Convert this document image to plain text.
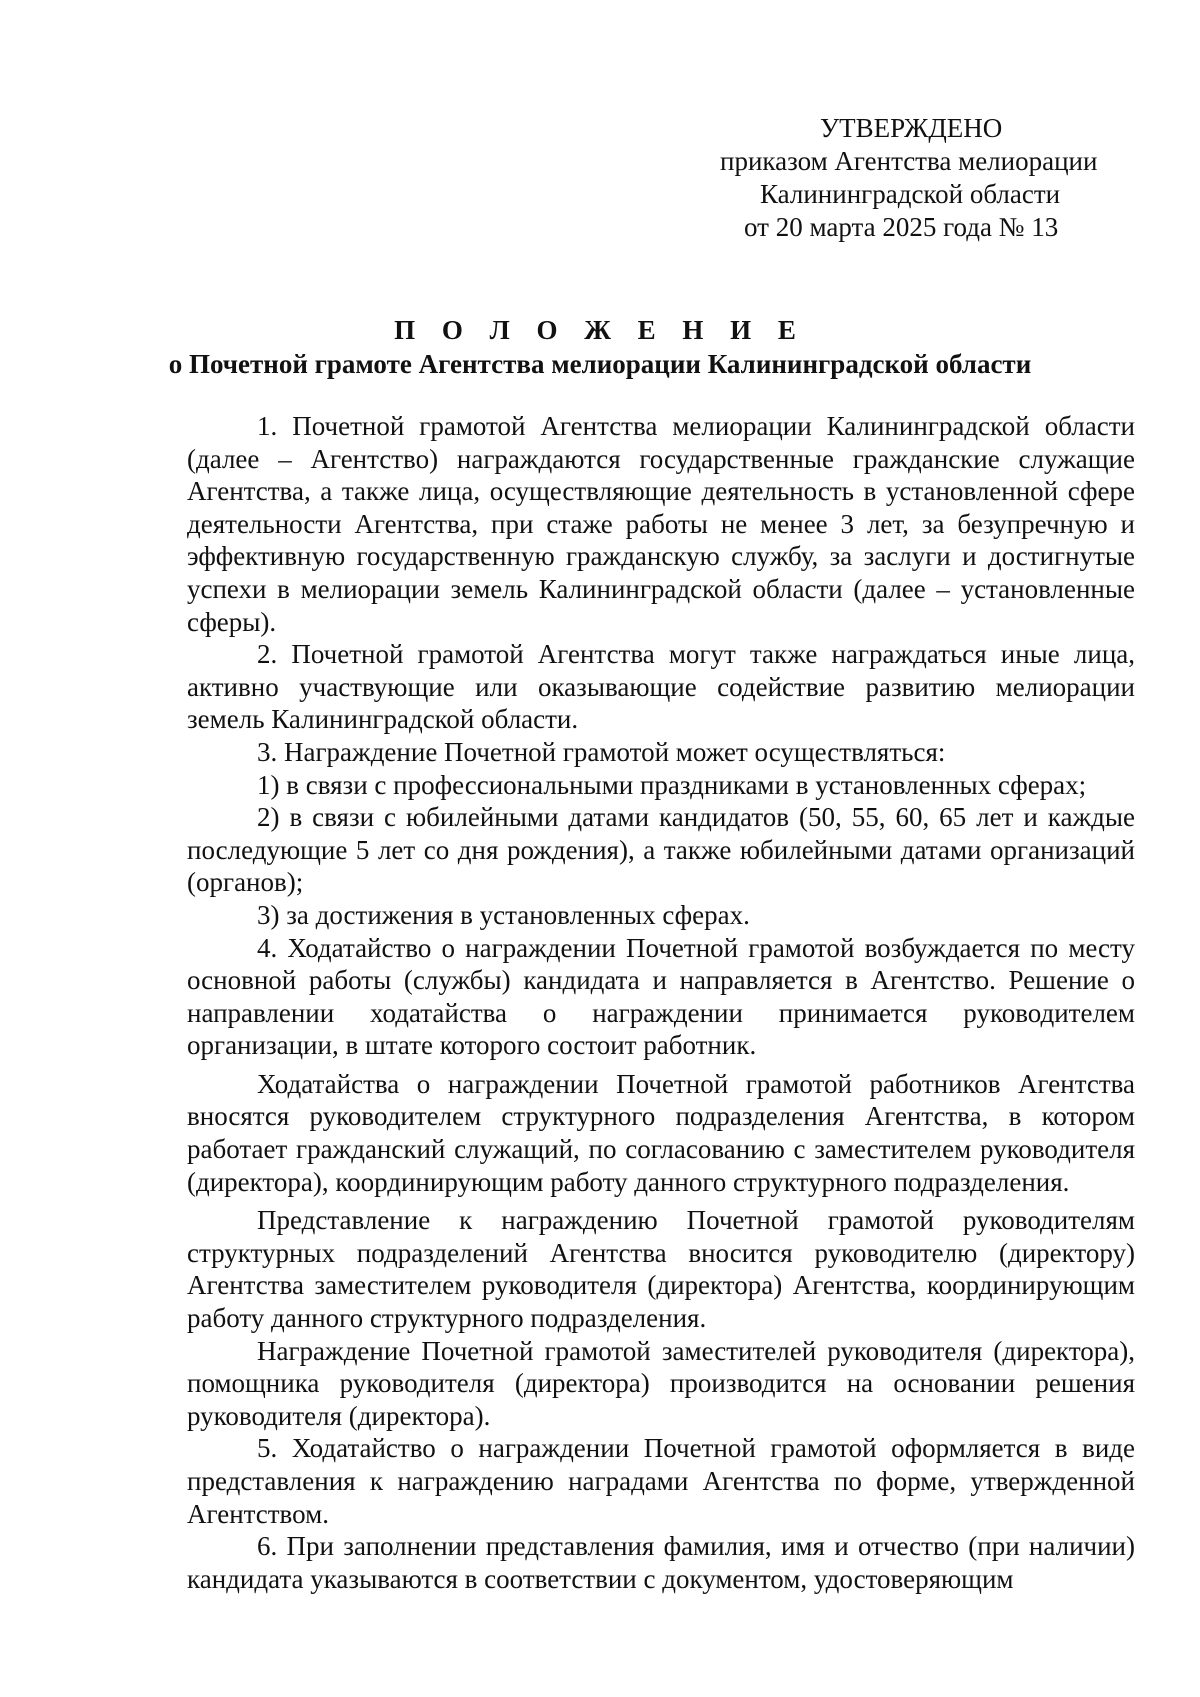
УТВЕРЖДЕНО
приказом Агентства мелиорации
Калининградской области
от 20 марта 2025 года № 13
П О Л О Ж Е Н И Е
о Почетной грамоте Агентства мелиорации Калининградской области

1. Почетной грамотой Агентства мелиорации Калининградской области (далее – Агентство) награждаются государственные гражданские служащие Агентства, а также лица, осуществляющие деятельность в установленной сфере деятельности Агентства, при стаже работы не менее 3 лет, за безупречную и эффективную государственную гражданскую службу, за заслуги и достигнутые успехи в мелиорации земель Калининградской области (далее – установленные сферы).

2. Почетной грамотой Агентства могут также награждаться иные лица, активно участвующие или оказывающие содействие развитию мелиорации земель Калининградской области.

3. Награждение Почетной грамотой может осуществляться:

1) в связи с профессиональными праздниками в установленных сферах;

2) в связи с юбилейными датами кандидатов (50, 55, 60, 65 лет и каждые последующие 5 лет со дня рождения), а также юбилейными датами организаций (органов);

3) за достижения в установленных сферах.

4. Ходатайство о награждении Почетной грамотой возбуждается по месту основной работы (службы) кандидата и направляется в Агентство. Решение о направлении ходатайства о награждении принимается руководителем организации, в штате которого состоит работник.

Ходатайства о награждении Почетной грамотой работников Агентства вносятся руководителем структурного подразделения Агентства, в котором работает гражданский служащий, по согласованию с заместителем руководителя (директора), координирующим работу данного структурного подразделения.

Представление к награждению Почетной грамотой руководителям структурных подразделений Агентства вносится руководителю (директору) Агентства заместителем руководителя (директора) Агентства, координирующим работу данного структурного подразделения.

Награждение Почетной грамотой заместителей руководителя (директора), помощника руководителя (директора) производится на основании решения руководителя (директора).

5. Ходатайство о награждении Почетной грамотой оформляется в виде представления к награждению наградами Агентства по форме, утвержденной Агентством.

6. При заполнении представления фамилия, имя и отчество (при наличии) кандидата указываются в соответствии с документом, удостоверяющим
